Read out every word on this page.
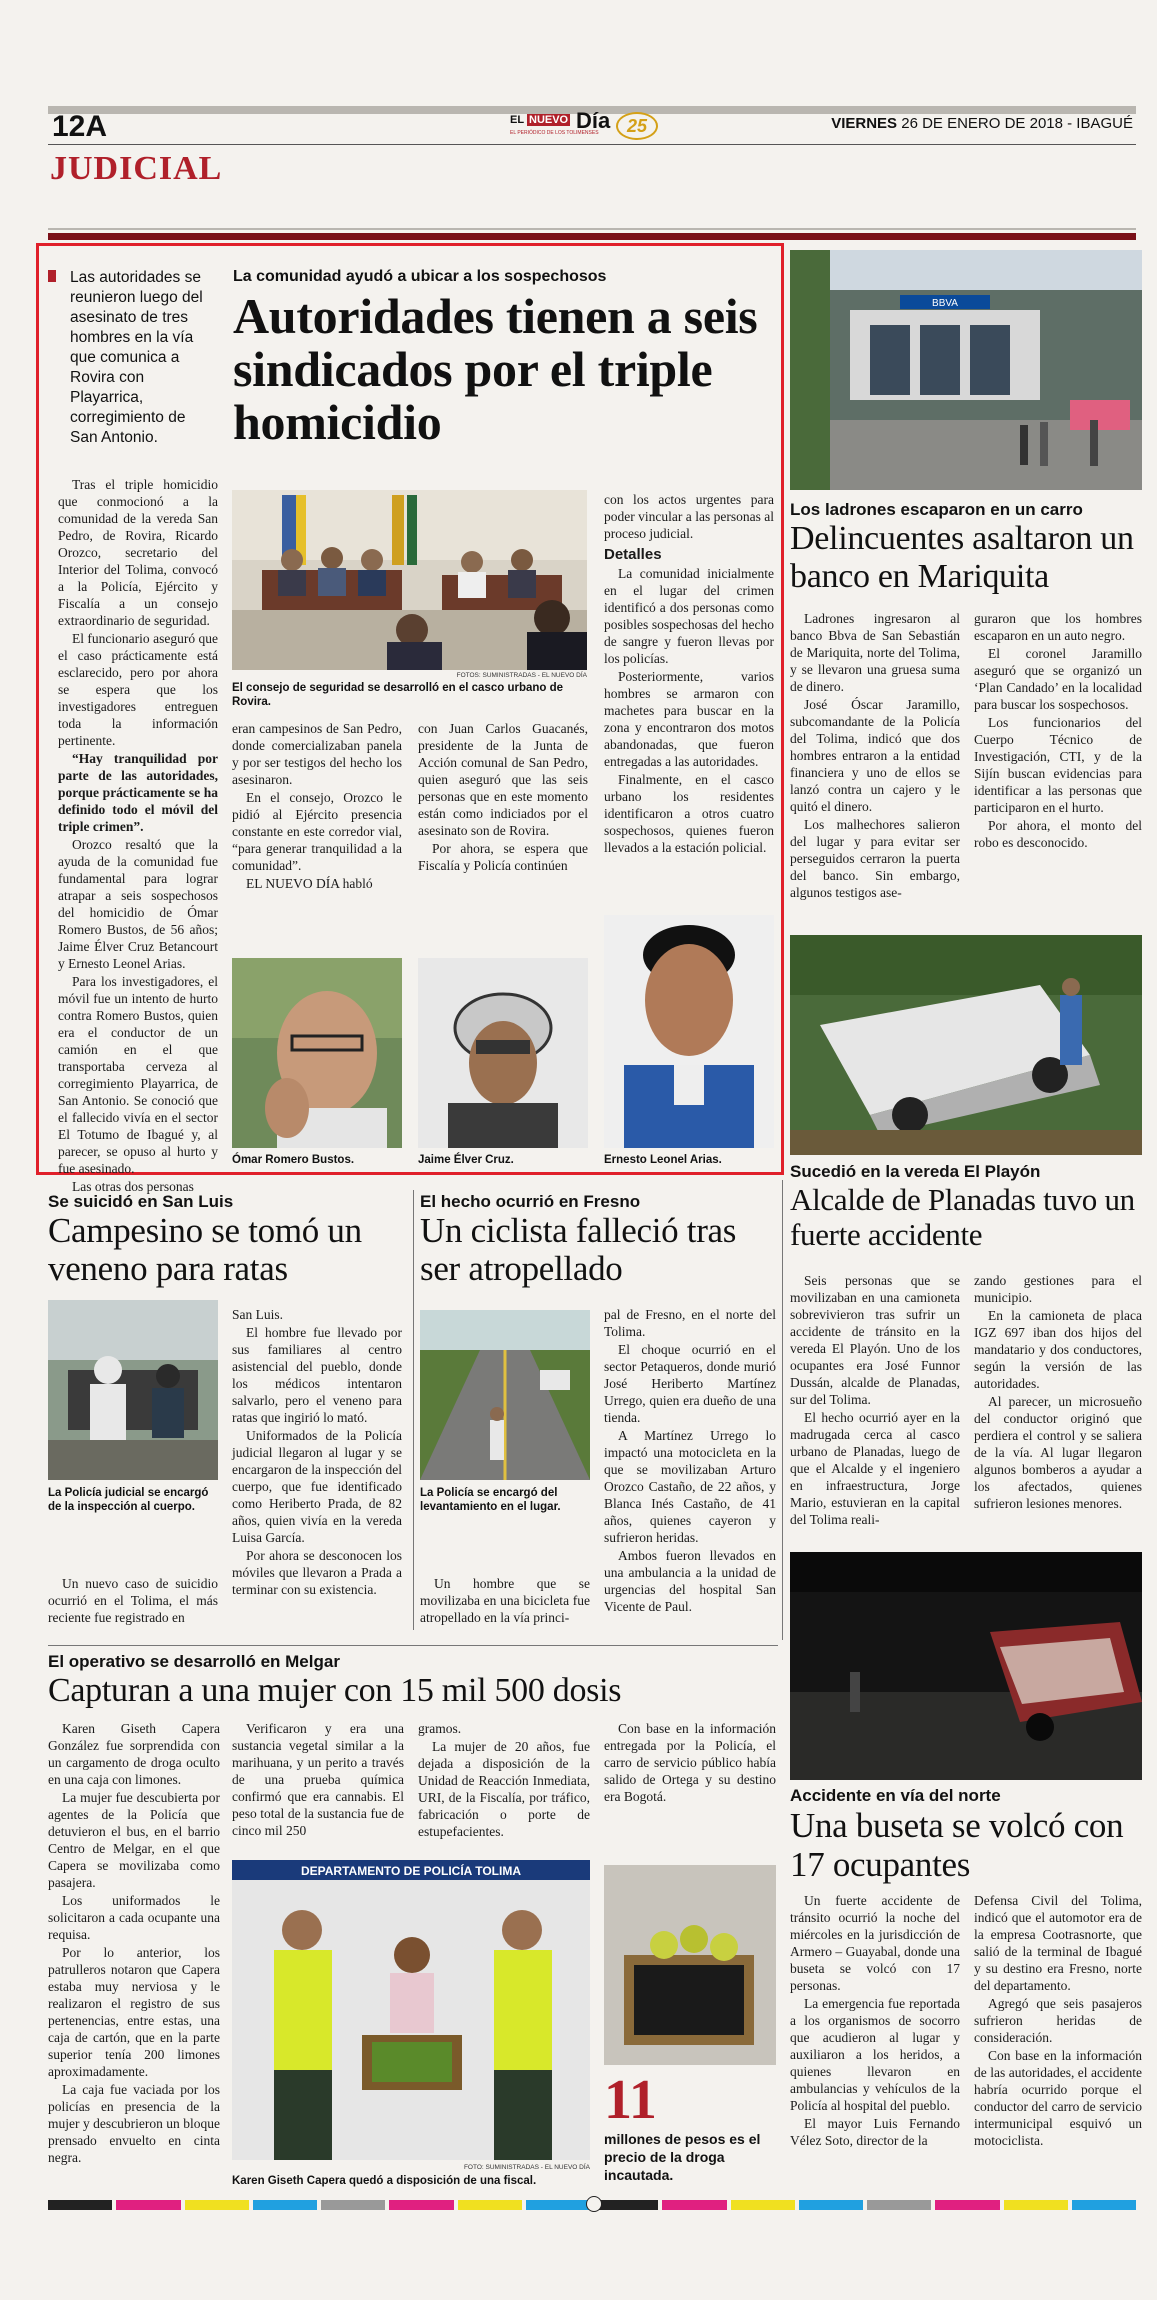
12A	EL NUEVO Día
EL PERIÓDICO DE LOS TOLIMENSES 25	VIERNES 26 DE ENERO DE 2018 - IBAGUÉ
JUDICIAL
Las autoridades se reunieron luego del asesinato de tres hombres en la vía que comunica a Rovira con Playarrica, corregimiento de San Antonio.
La comunidad ayudó a ubicar a los sospechosos
Autoridades tienen a seis sindicados por el triple homicidio

Tras el triple homicidio que conmocionó a la comunidad de la vereda San Pedro, de Rovira, Ricardo Orozco, secretario del Interior del Tolima, convocó a la Policía, Ejército y Fiscalía a un consejo extraordinario de seguridad.

El funcionario aseguró que el caso prácticamente está esclarecido, pero por ahora se espera que los investigadores entreguen toda la información pertinente.

“Hay tranquilidad por parte de las autoridades, porque prácticamente se ha definido todo el móvil del triple crimen”.

Orozco resaltó que la ayuda de la comunidad fue fundamental para lograr atrapar a seis sospechosos del homicidio de Ómar Romero Bustos, de 56 años; Jaime Élver Cruz Betancourt y Ernesto Leonel Arias.

Para los investigadores, el móvil fue un intento de hurto contra Romero Bustos, quien era el conductor de un camión en el que transportaba cerveza al corregimiento Playarrica, de San Antonio. Se conoció que el fallecido vivía en el sector El Totumo de Ibagué y, al parecer, se opuso al hurto y fue asesinado.

Las otras dos personas

FOTOS: SUMINISTRADAS - EL NUEVO DÍA
El consejo de seguridad se desarrolló en el casco urbano de Rovira.

eran campesinos de San Pedro, donde comercializaban panela y por ser testigos del hecho los asesinaron.

En el consejo, Orozco le pidió al Ejército presencia constante en este corredor vial, “para generar tranquilidad a la comunidad”.

EL NUEVO DÍA habló

con Juan Carlos Guacanés, presidente de la Junta de Acción comunal de San Pedro, quien aseguró que las seis personas que en este momento están como indiciados por el asesinato son de Rovira.

Por ahora, se espera que Fiscalía y Policía continúen

con los actos urgentes para poder vincular a las personas al proceso judicial.

Detalles

La comunidad inicialmente en el lugar del crimen identificó a dos personas como posibles sospechosas del hecho de sangre y fueron llevas por los policías.

Posteriormente, varios hombres se armaron con machetes para buscar en la zona y encontraron dos motos abandonadas, que fueron entregadas a las autoridades.

Finalmente, en el casco urbano los residentes identificaron a otros cuatro sospechosos, quienes fueron llevados a la estación policial.

Ómar Romero Bustos.	Jaime Élver Cruz.	Ernesto Leonel Arias.
BBVA
Los ladrones escaparon en un carro
Delincuentes asaltaron un banco en Mariquita

Ladrones ingresaron al banco Bbva de San Sebastián de Mariquita, norte del Tolima, y se llevaron una gruesa suma de dinero.

José Óscar Jaramillo, subcomandante de la Policía del Tolima, indicó que dos hombres entraron a la entidad financiera y uno de ellos se lanzó contra un cajero y le quitó el dinero.

Los malhechores salieron del lugar y para evitar ser perseguidos cerraron la puerta del banco. Sin embargo, algunos testigos ase-

guraron que los hombres escaparon en un auto negro.

El coronel Jaramillo aseguró que se organizó un ‘Plan Candado’ en la localidad para buscar los sospechosos.

Los funcionarios del Cuerpo Técnico de Investigación, CTI, y de la Sijín buscan evidencias para identificar a las personas que participaron en el hurto.

Por ahora, el monto del robo es desconocido.

Sucedió en la vereda El Playón
Alcalde de Planadas tuvo un fuerte accidente

Seis personas que se movilizaban en una camioneta sobrevivieron tras sufrir un accidente de tránsito en la vereda El Playón. Uno de los ocupantes era José Funnor Dussán, alcalde de Planadas, sur del Tolima.

El hecho ocurrió ayer en la madrugada cerca al casco urbano de Planadas, luego de que el Alcalde y el ingeniero en infraestructura, Jorge Mario, estuvieran en la capital del Tolima reali-

zando gestiones para el municipio.

En la camioneta de placa IGZ 697 iban dos hijos del mandatario y dos conductores, según la versión de las autoridades.

Al parecer, un microsueño del conductor originó que perdiera el control y se saliera de la vía. Al lugar llegaron algunos bomberos a ayudar a los afectados, quienes sufrieron lesiones menores.

Se suicidó en San Luis
Campesino se tomó un veneno para ratas
La Policía judicial se encargó de la inspección al cuerpo.

Un nuevo caso de suicidio ocurrió en el Tolima, el más reciente fue registrado en

San Luis.

El hombre fue llevado por sus familiares al centro asistencial del pueblo, donde los médicos intentaron salvarlo, pero el veneno para ratas que ingirió lo mató.

Uniformados de la Policía judicial llegaron al lugar y se encargaron de la inspección del cuerpo, que fue identificado como Heriberto Prada, de 82 años, quien vivía en la vereda Luisa García.

Por ahora se desconocen los móviles que llevaron a Prada a terminar con su existencia.

El hecho ocurrió en Fresno
Un ciclista falleció tras ser atropellado
La Policía se encargó del levantamiento en el lugar.

Un hombre que se movilizaba en una bicicleta fue atropellado en la vía princi-

pal de Fresno, en el norte del Tolima.

El choque ocurrió en el sector Petaqueros, donde murió José Heriberto Martínez Urrego, quien era dueño de una tienda.

A Martínez Urrego lo impactó una motocicleta en la que se movilizaban Arturo Orozco Castaño, de 22 años, y Blanca Inés Castaño, de 41 años, quienes cayeron y sufrieron heridas.

Ambos fueron llevados en una ambulancia a la unidad de urgencias del hospital San Vicente de Paul.

El operativo se desarrolló en Melgar
Capturan a una mujer con 15 mil 500 dosis

Karen Giseth Capera González fue sorprendida con un cargamento de droga oculto en una caja con limones.

La mujer fue descubierta por agentes de la Policía que detuvieron el bus, en el barrio Centro de Melgar, en el que Capera se movilizaba como pasajera.

Los uniformados le solicitaron a cada ocupante una requisa.

Por lo anterior, los patrulleros notaron que Capera estaba muy nerviosa y le realizaron el registro de sus pertenencias, entre estas, una caja de cartón, que en la parte superior tenía 200 limones aproximadamente.

La caja fue vaciada por los policías en presencia de la mujer y descubrieron un bloque prensado envuelto en cinta negra.

Verificaron y era una sustancia vegetal similar a la marihuana, y un perito a través de una prueba química confirmó que era cannabis. El peso total de la sustancia fue de cinco mil 250

gramos.

La mujer de 20 años, fue dejada a disposición de la Unidad de Reacción Inmediata, URI, de la Fiscalía, por tráfico, fabricación o porte de estupefacientes.

Con base en la información entregada por la Policía, el carro de servicio público había salido de Ortega y su destino era Bogotá.

DEPARTAMENTO DE POLICÍA TOLIMA
FOTO: SUMINISTRADAS - EL NUEVO DÍA
Karen Giseth Capera quedó a disposición de una fiscal.
11
millones de pesos es el precio de la droga incautada.
Accidente en vía del norte
Una buseta se volcó con 17 ocupantes

Un fuerte accidente de tránsito ocurrió la noche del miércoles en la jurisdicción de Armero – Guayabal, donde una buseta se volcó con 17 personas.

La emergencia fue reportada a los organismos de socorro que acudieron al lugar y auxiliaron a los heridos, a quienes llevaron en ambulancias y vehículos de la Policía al hospital del pueblo.

El mayor Luis Fernando Vélez Soto, director de la

Defensa Civil del Tolima, indicó que el automotor era de la empresa Cootrasnorte, que salió de la terminal de Ibagué y su destino era Fresno, norte del departamento.

Agregó que seis pasajeros sufrieron heridas de consideración.

Con base en la información de las autoridades, el accidente habría ocurrido porque el conductor del carro de servicio intermunicipal esquivó un motociclista.
